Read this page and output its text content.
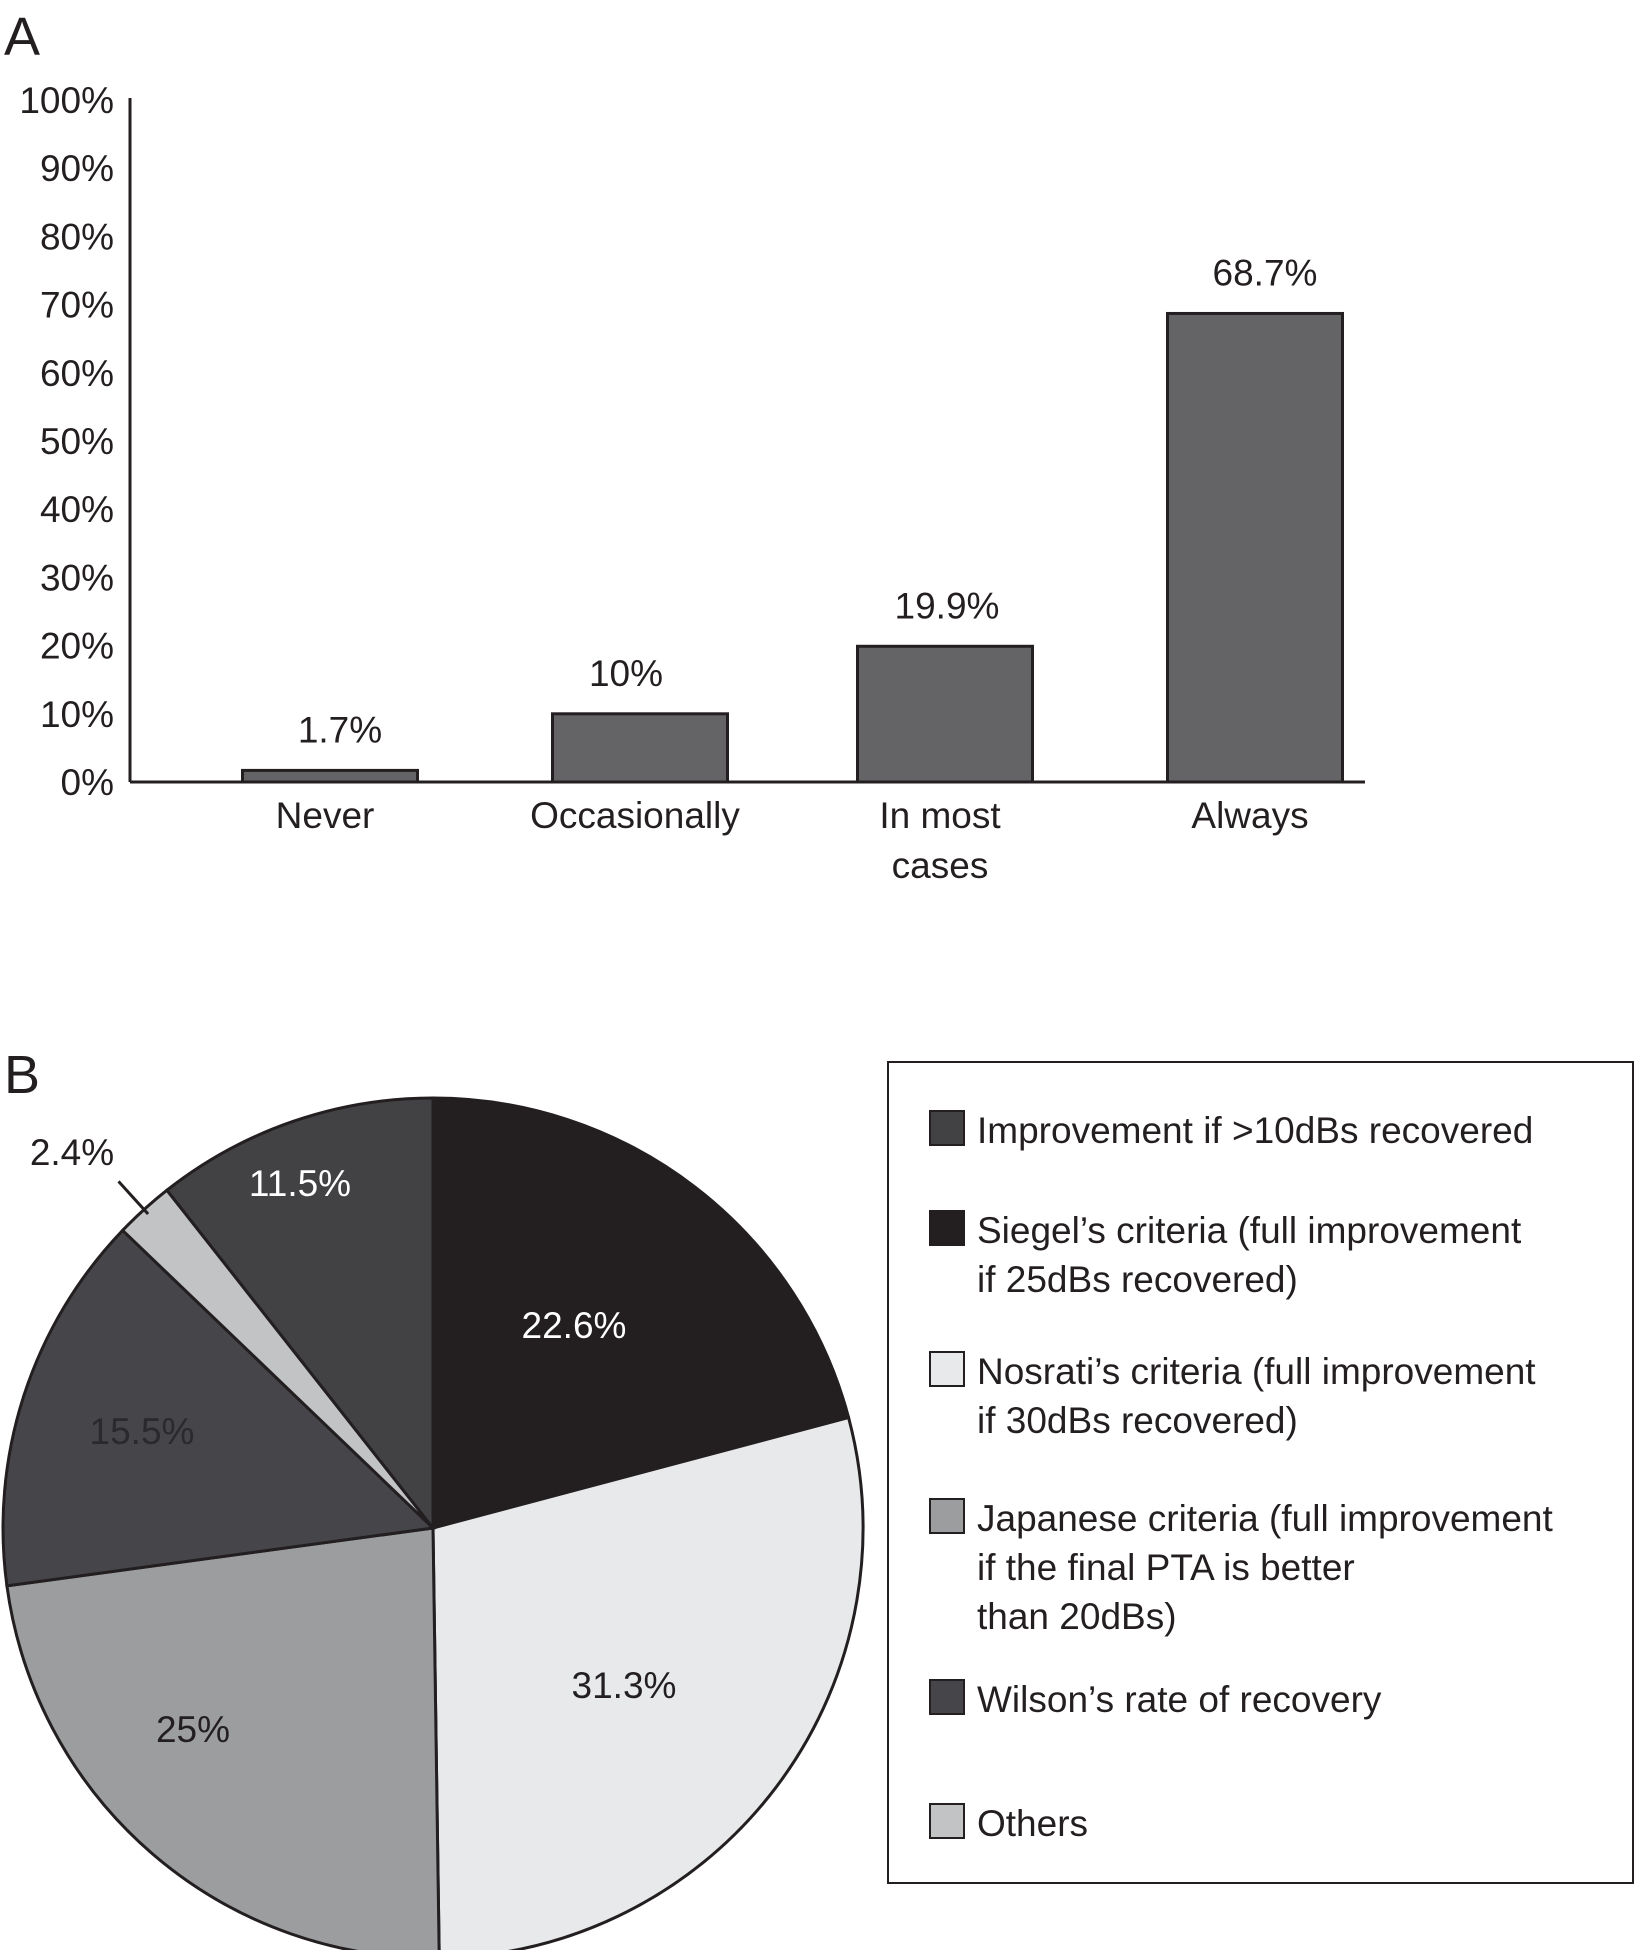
A
0%
10%
20%
30%
40%
50%
60%
70%
80%
90%
100%
1.7%
Never
10%
Occasionally
19.9%
In most
cases
68.7%
Always
B
11.5%
22.6%
31.3%
25%
15.5%
2.4%
Improvement if >10dBs recovered
Siegel’s criteria (full improvement
if 25dBs recovered)
Nosrati’s criteria (full improvement
if 30dBs recovered)
Japanese criteria (full improvement
if the final PTA is better
than 20dBs)
Wilson’s rate of recovery
Others
